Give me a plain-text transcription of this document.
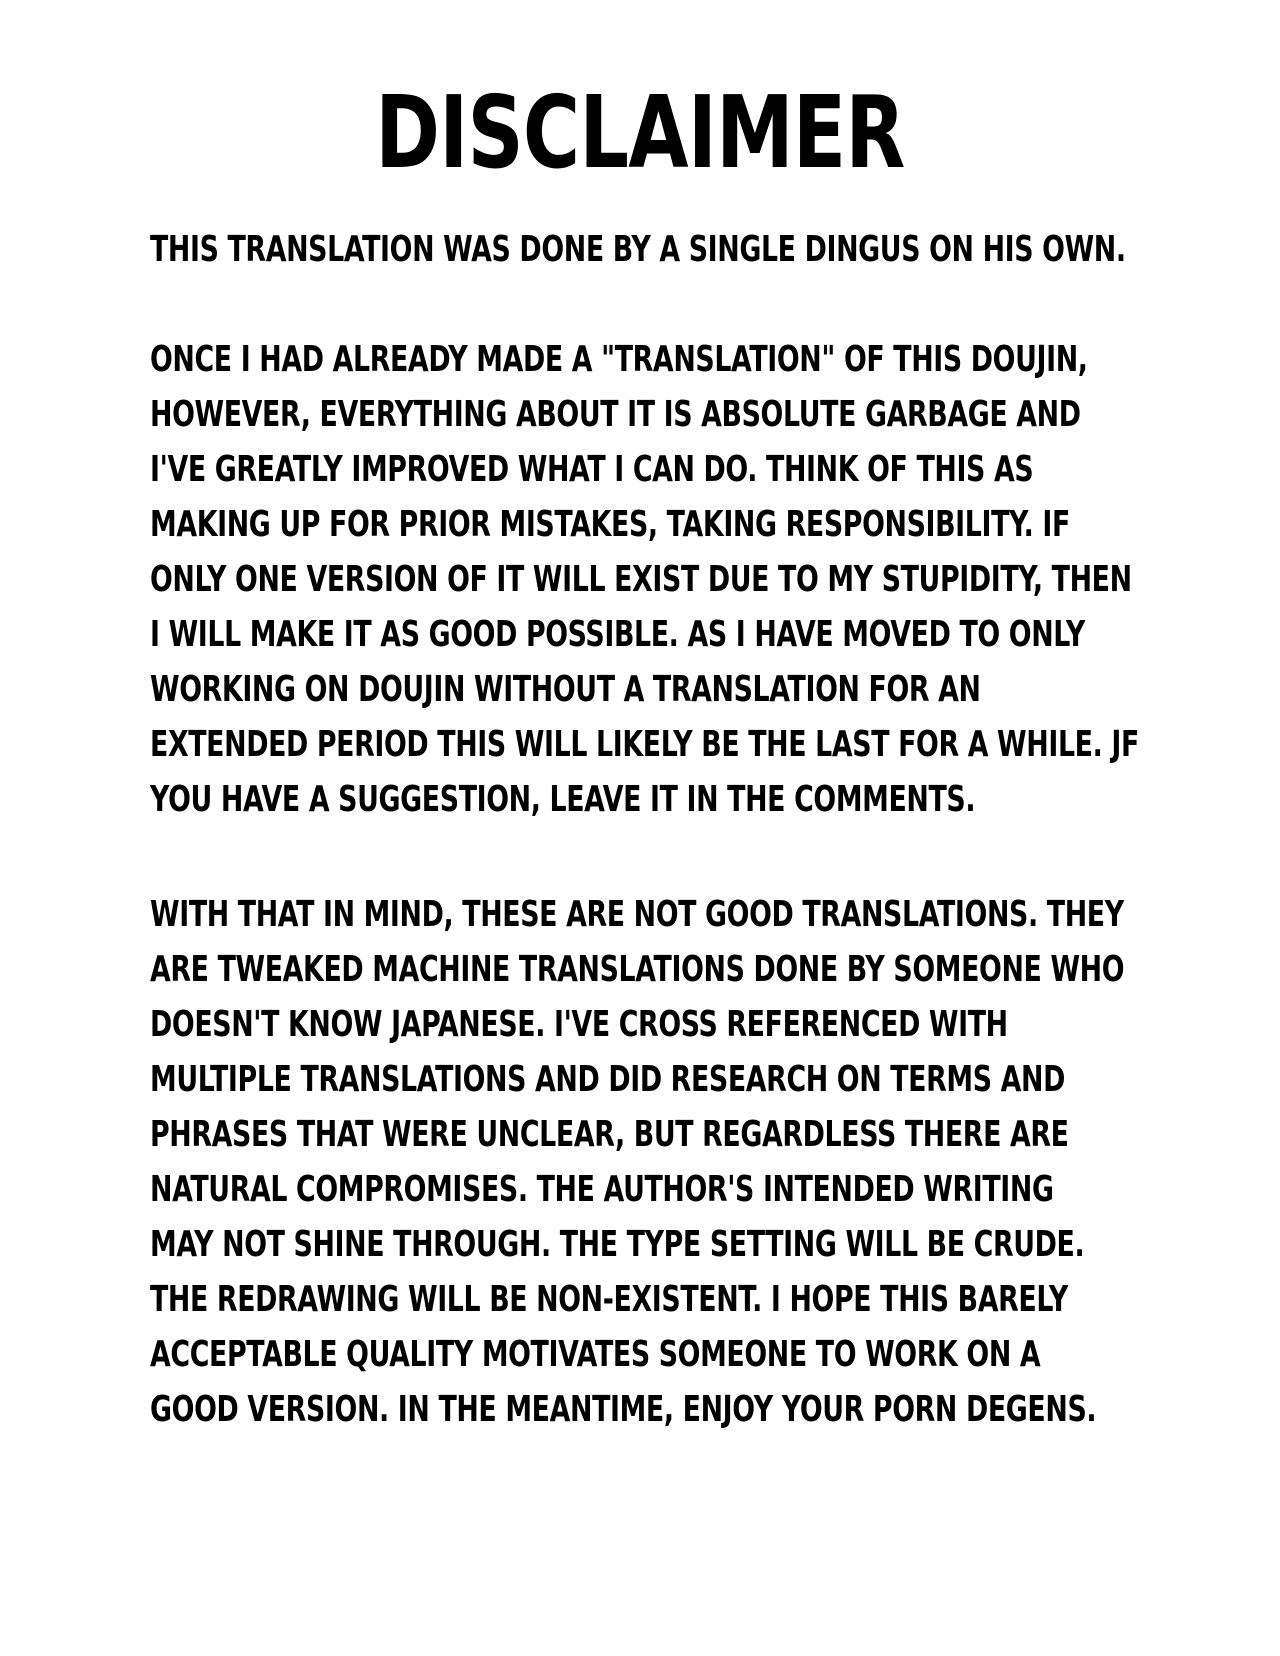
DISCLAIMER
THIS TRANSLATION WAS DONE BY A SINGLE DINGUS ON HIS OWN.
ONCE I HAD ALREADY MADE A "TRANSLATION" OF THIS DOUJIN,
HOWEVER, EVERYTHING ABOUT IT IS ABSOLUTE GARBAGE AND
I'VE GREATLY IMPROVED WHAT I CAN DO. THINK OF THIS AS
MAKING UP FOR PRIOR MISTAKES, TAKING RESPONSIBILITY. IF
ONLY ONE VERSION OF IT WILL EXIST DUE TO MY STUPIDITY, THEN
I WILL MAKE IT AS GOOD POSSIBLE. AS I HAVE MOVED TO ONLY
WORKING ON DOUJIN WITHOUT A TRANSLATION FOR AN
EXTENDED PERIOD THIS WILL LIKELY BE THE LAST FOR A WHILE. JF
YOU HAVE A SUGGESTION, LEAVE IT IN THE COMMENTS.
WITH THAT IN MIND, THESE ARE NOT GOOD TRANSLATIONS. THEY
ARE TWEAKED MACHINE TRANSLATIONS DONE BY SOMEONE WHO
DOESN'T KNOW JAPANESE. I'VE CROSS REFERENCED WITH
MULTIPLE TRANSLATIONS AND DID RESEARCH ON TERMS AND
PHRASES THAT WERE UNCLEAR, BUT REGARDLESS THERE ARE
NATURAL COMPROMISES. THE AUTHOR'S INTENDED WRITING
MAY NOT SHINE THROUGH. THE TYPE SETTING WILL BE CRUDE.
THE REDRAWING WILL BE NON-EXISTENT. I HOPE THIS BARELY
ACCEPTABLE QUALITY MOTIVATES SOMEONE TO WORK ON A
GOOD VERSION. IN THE MEANTIME, ENJOY YOUR PORN DEGENS.
